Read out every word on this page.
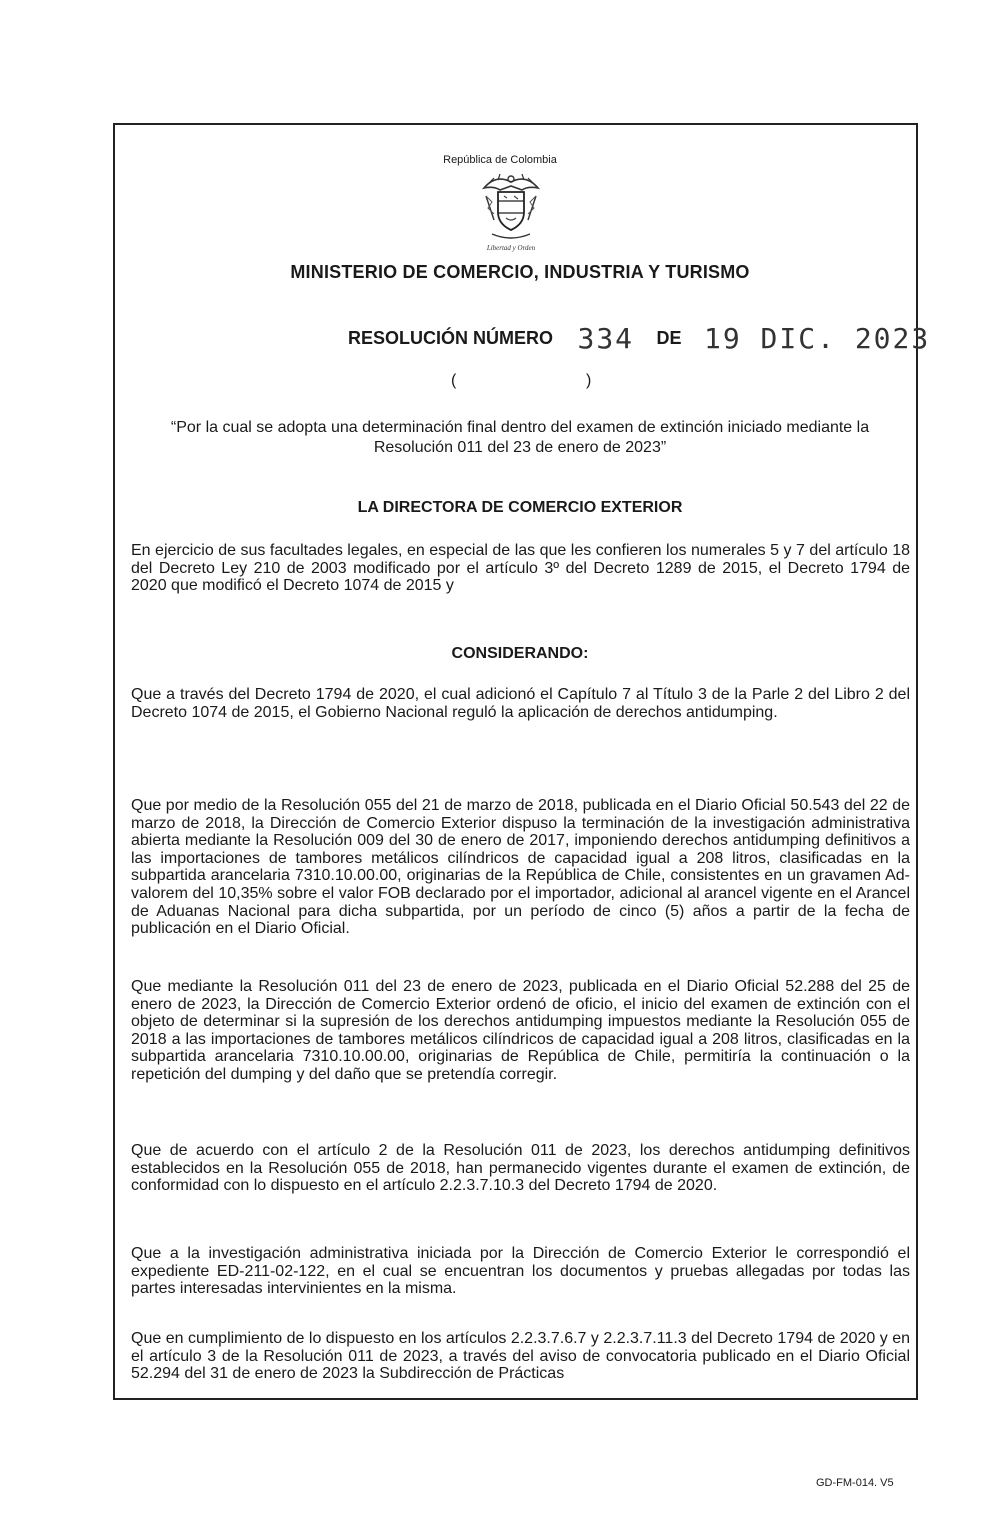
República de Colombia
Libertad y Orden
MINISTERIO DE COMERCIO, INDUSTRIA Y TURISMO
RESOLUCIÓN NÚMERO 334 DE 19 DIC. 2023
(	)
“Por la cual se adopta una determinación final dentro del examen de extinción iniciado mediante la Resolución 011 del 23 de enero de 2023”
LA DIRECTORA DE COMERCIO EXTERIOR
En ejercicio de sus facultades legales, en especial de las que les confieren los numerales 5 y 7 del artículo 18 del Decreto Ley 210 de 2003 modificado por el artículo 3º del Decreto 1289 de 2015, el Decreto 1794 de 2020 que modificó el Decreto 1074 de 2015 y
CONSIDERANDO:
Que a través del Decreto 1794 de 2020, el cual adicionó el Capítulo 7 al Título 3 de la Parle 2 del Libro 2 del Decreto 1074 de 2015, el Gobierno Nacional reguló la aplicación de derechos antidumping.
Que por medio de la Resolución 055 del 21 de marzo de 2018, publicada en el Diario Oficial 50.543 del 22 de marzo de 2018, la Dirección de Comercio Exterior dispuso la terminación de la investigación administrativa abierta mediante la Resolución 009 del 30 de enero de 2017, imponiendo derechos antidumping definitivos a las importaciones de tambores metálicos cilíndricos de capacidad igual a 208 litros, clasificadas en la subpartida arancelaria 7310.10.00.00, originarias de la República de Chile, consistentes en un gravamen Ad-valorem del 10,35% sobre el valor FOB declarado por el importador, adicional al arancel vigente en el Arancel de Aduanas Nacional para dicha subpartida, por un período de cinco (5) años a partir de la fecha de publicación en el Diario Oficial.
Que mediante la Resolución 011 del 23 de enero de 2023, publicada en el Diario Oficial 52.288 del 25 de enero de 2023, la Dirección de Comercio Exterior ordenó de oficio, el inicio del examen de extinción con el objeto de determinar si la supresión de los derechos antidumping impuestos mediante la Resolución 055 de 2018 a las importaciones de tambores metálicos cilíndricos de capacidad igual a 208 litros, clasificadas en la subpartida arancelaria 7310.10.00.00, originarias de República de Chile, permitiría la continuación o la repetición del dumping y del daño que se pretendía corregir.
Que de acuerdo con el artículo 2 de la Resolución 011 de 2023, los derechos antidumping definitivos establecidos en la Resolución 055 de 2018, han permanecido vigentes durante el examen de extinción, de conformidad con lo dispuesto en el artículo 2.2.3.7.10.3 del Decreto 1794 de 2020.
Que a la investigación administrativa iniciada por la Dirección de Comercio Exterior le correspondió el expediente ED-211-02-122, en el cual se encuentran los documentos y pruebas allegadas por todas las partes interesadas intervinientes en la misma.
Que en cumplimiento de lo dispuesto en los artículos 2.2.3.7.6.7 y 2.2.3.7.11.3 del Decreto 1794 de 2020 y en el artículo 3 de la Resolución 011 de 2023, a través del aviso de convocatoria publicado en el Diario Oficial 52.294 del 31 de enero de 2023 la Subdirección de Prácticas
GD-FM-014. V5
